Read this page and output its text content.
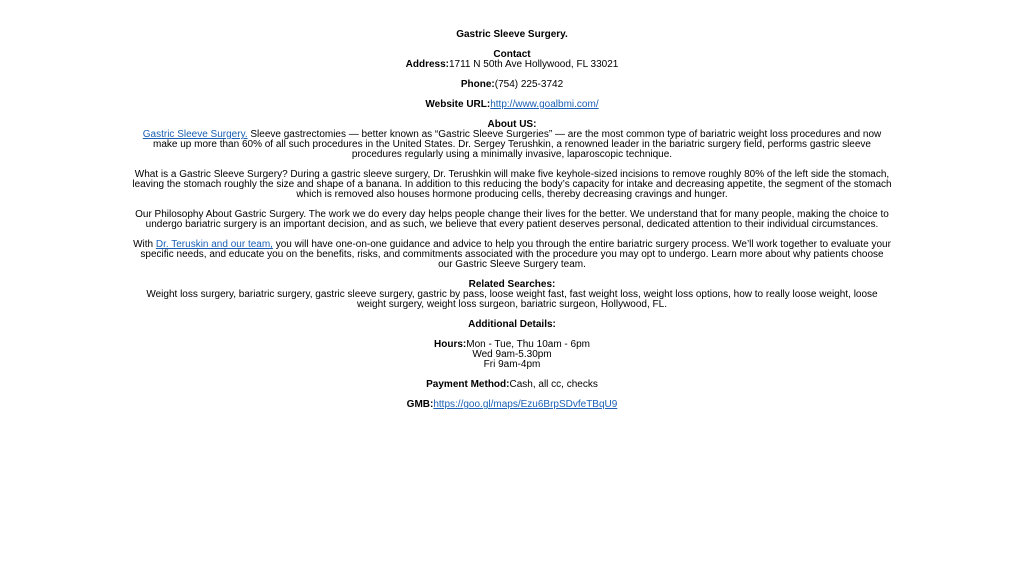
Gastric Sleeve Surgery.

Contact
Address:1711 N 50th Ave Hollywood, FL 33021

Phone:(754) 225-3742

Website URL:http://www.goalbmi.com/

About US:
Gastric Sleeve Surgery. Sleeve gastrectomies — better known as “Gastric Sleeve Surgeries” — are the most common type of bariatric weight loss procedures and now make up more than 60% of all such procedures in the United States. Dr. Sergey Terushkin, a renowned leader in the bariatric surgery field, performs gastric sleeve procedures regularly using a minimally invasive, laparoscopic technique.

What is a Gastric Sleeve Surgery? During a gastric sleeve surgery, Dr. Terushkin will make five keyhole-sized incisions to remove roughly 80% of the left side the stomach, leaving the stomach roughly the size and shape of a banana. In addition to this reducing the body’s capacity for intake and decreasing appetite, the segment of the stomach which is removed also houses hormone producing cells, thereby decreasing cravings and hunger.

Our Philosophy About Gastric Surgery. The work we do every day helps people change their lives for the better. We understand that for many people, making the choice to undergo bariatric surgery is an important decision, and as such, we believe that every patient deserves personal, dedicated attention to their individual circumstances.

With Dr. Teruskin and our team, you will have one-on-one guidance and advice to help you through the entire bariatric surgery process. We’ll work together to evaluate your specific needs, and educate you on the benefits, risks, and commitments associated with the procedure you may opt to undergo. Learn more about why patients choose our Gastric Sleeve Surgery team.

Related Searches:
Weight loss surgery, bariatric surgery, gastric sleeve surgery, gastric by pass, loose weight fast, fast weight loss, weight loss options, how to really loose weight, loose weight surgery, weight loss surgeon, bariatric surgeon, Hollywood, FL.

Additional Details:

Hours:Mon - Tue, Thu 10am - 6pm
Wed 9am-5.30pm
Fri 9am-4pm

Payment Method:Cash, all cc, checks

GMB:https://goo.gl/maps/Ezu6BrpSDvfeTBqU9
